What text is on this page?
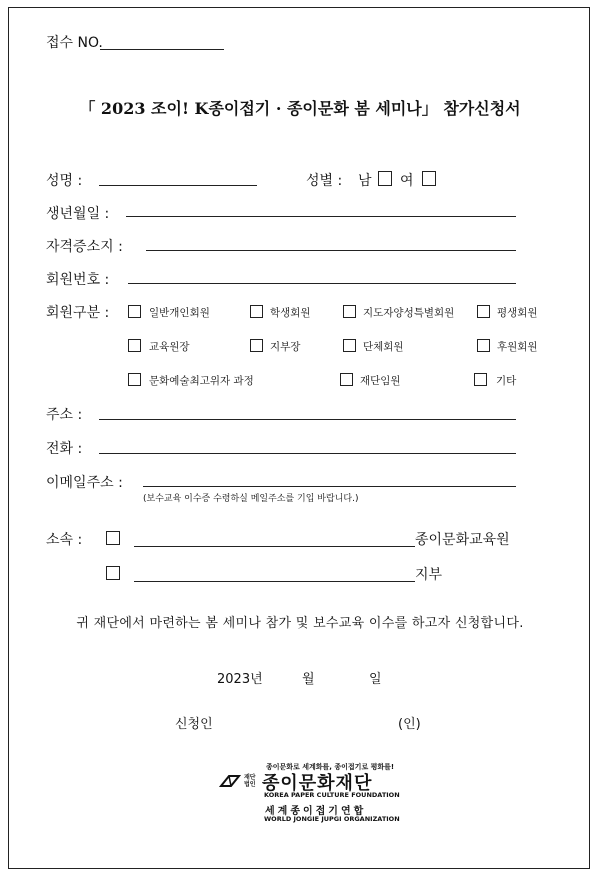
접수 NO.
「 2023 조이! K종이접기 · 종이문화 봄 세미나」 참가신청서
성명 :	성별 : 남 여
생년월일 :
자격증소지 :
회원번호 :
회원구분 :	일반개인회원	학생회원	지도자양성특별회원	평생회원
교육원장	지부장	단체회원	후원회원
문화예술최고위자 과정	재단임원	기타
주소 :
전화 :
이메일주소 :
(보수교육 이수증 수령하실 메일주소를 기입 바랍니다.)
소속 :	종이문화교육원
지부
귀 재단에서 마련하는 봄 세미나 참가 및 보수교육 이수를 하고자 신청합니다.
2023년	월	일
신청인	(인)
종이문화로 세계화를, 종이접기로 평화를!
재단 법인 종이문화재단
KOREA PAPER CULTURE FOUNDATION
세계종이접기연합
WORLD JONGIE JUPGI ORGANIZATION
